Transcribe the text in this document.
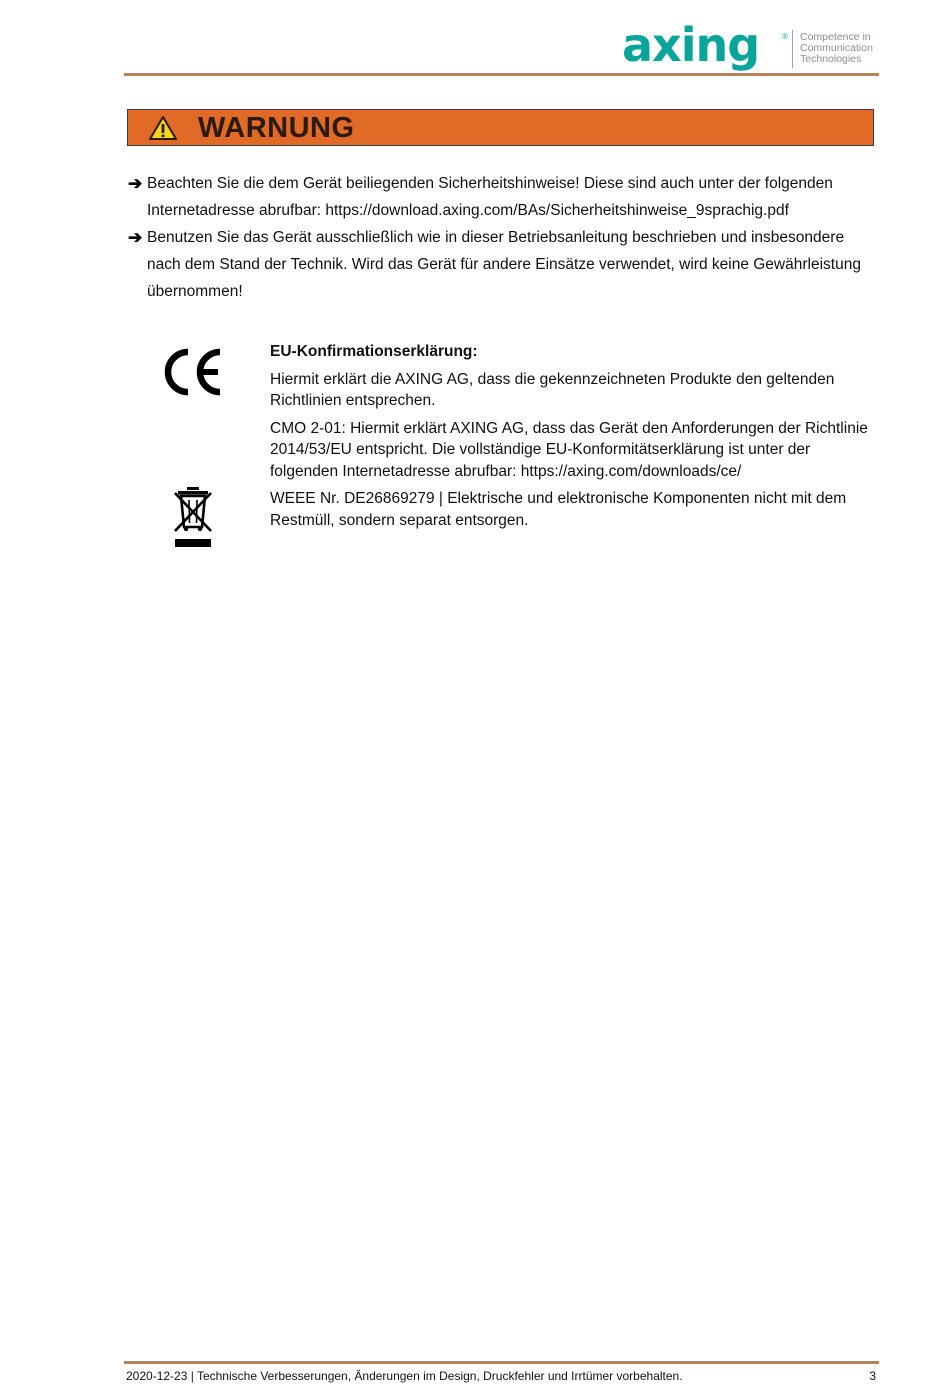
axing	® Competence in
Communication
Technologies
WARNUNG
➔ Beachten Sie die dem Gerät beiliegenden Sicherheitshinweise! Diese sind auch unter der folgenden Internetadresse abrufbar: https://download.axing.com/BAs/Sicherheitshinweise_9sprachig.pdf
➔ Benutzen Sie das Gerät ausschließlich wie in dieser Betriebsanleitung beschrieben und insbesondere nach dem Stand der Technik. Wird das Gerät für andere Einsätze verwendet, wird keine Gewährleistung übernommen!

EU-Konfirmationserklärung:

Hiermit erklärt die AXING AG, dass die gekennzeichneten Produkte den geltenden Richtlinien entsprechen.

CMO 2-01: Hiermit erklärt AXING AG, dass das Gerät den Anforderungen der Richtlinie 2014/53/EU entspricht. Die vollständige EU-Konformitätserklärung ist unter der folgenden Internetadresse abrufbar: https://axing.com/downloads/ce/

WEEE Nr. DE26869279 | Elektrische und elektronische Komponenten nicht mit dem Restmüll, sondern separat entsorgen.

2020-12-23 | Technische Verbesserungen, Änderungen im Design, Druckfehler und Irrtümer vorbehalten.	3
